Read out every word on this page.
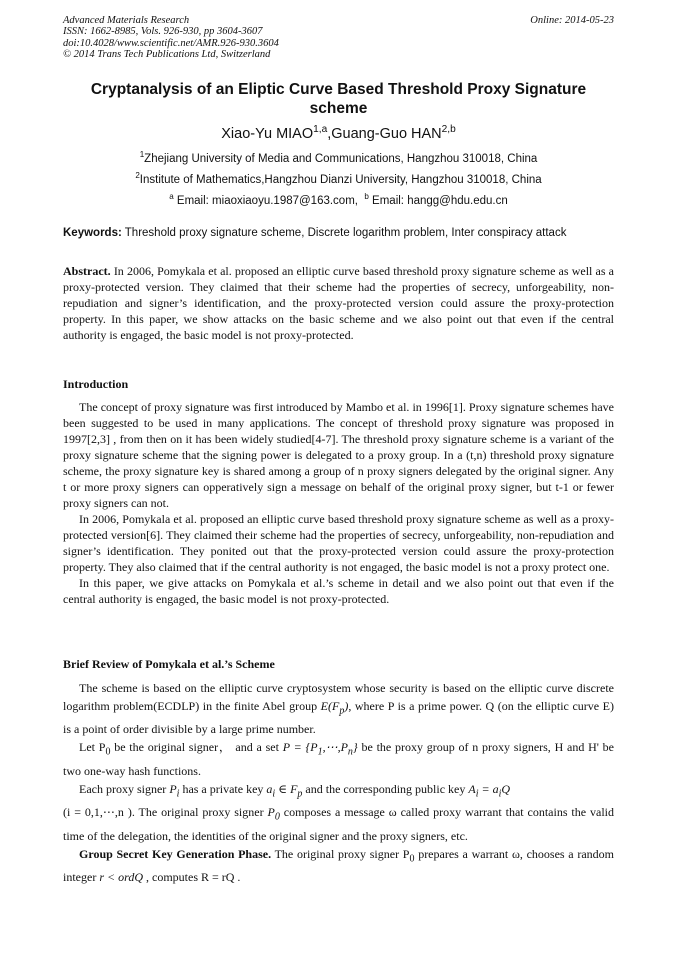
Advanced Materials Research
ISSN: 1662-8985, Vols. 926-930, pp 3604-3607
doi:10.4028/www.scientific.net/AMR.926-930.3604
© 2014 Trans Tech Publications Ltd, Switzerland
Online: 2014-05-23
Cryptanalysis of an Eliptic Curve Based Threshold Proxy Signature scheme
Xiao-Yu MIAO$^{1,a}$,Guang-Guo HAN$^{2,b}$
$^1$Zhejiang University of Media and Communications, Hangzhou 310018, China
$^2$Institute of Mathematics,Hangzhou Dianzi University, Hangzhou 310018, China
$^a$ Email: miaoxiaoyu.1987@163.com, $^b$ Email: hangg@hdu.edu.cn
Keywords: Threshold proxy signature scheme, Discrete logarithm problem, Inter conspiracy attack

Abstract. In 2006, Pomykala et al. proposed an elliptic curve based threshold proxy signature scheme as well as a proxy-protected version. They claimed that their scheme had the properties of secrecy, unforgeability, non-repudiation and signer’s identification, and the proxy-protected version could assure the proxy-protection property. In this paper, we show attacks on the basic scheme and we also point out that even if the central authority is engaged, the basic model is not proxy-protected.

Introduction

The concept of proxy signature was first introduced by Mambo et al. in 1996[1]. Proxy signature schemes have been suggested to be used in many applications. The concept of threshold proxy signature was proposed in 1997[2,3] , from then on it has been widely studied[4-7]. The threshold proxy signature scheme is a variant of the proxy signature scheme that the signing power is delegated to a proxy group. In a (t,n) threshold proxy signature scheme, the proxy signature key is shared among a group of n proxy signers delegated by the original signer. Any t or more proxy signers can opperatively sign a message on behalf of the original proxy signer, but t-1 or fewer proxy signers can not.

In 2006, Pomykala et al. proposed an elliptic curve based threshold proxy signature scheme as well as a proxy-protected version[6]. They claimed their scheme had the properties of secrecy, unforgeability, non-repudiation and signer’s identification. They ponited out that the proxy-protected version could assure the proxy-protection property. They also claimed that if the central authority is not engaged, the basic model is not a proxy protect one.

In this paper, we give attacks on Pomykala et al.’s scheme in detail and we also point out that even if the central authority is engaged, the basic model is not proxy-protected.

Brief Review of Pomykala et al.’s Scheme

The scheme is based on the elliptic curve cryptosystem whose security is based on the elliptic curve discrete logarithm problem(ECDLP) in the finite Abel group $E(F_p)$, where P is a prime power. Q (on the elliptic curve E) is a point of order divisible by a large prime number.

Let $P_0$ be the original signer， and a set $P = \{P_1,\cdots,P_n\}$ be the proxy group of n proxy signers, H and H' be two one-way hash functions.

Each proxy signer $P_i$ has a private key $a_i$ ∈ $F_p$ and the corresponding public key $A_i = a_iQ$
(i = 0,1,⋯,n ). The original proxy signer $P_0$ composes a message ω called proxy warrant that contains the valid time of the delegation, the identities of the original signer and the proxy signers, etc.

Group Secret Key Generation Phase. The original proxy signer $P_0$ prepares a warrant ω, chooses a random integer r < ordQ , computes R = rQ .
